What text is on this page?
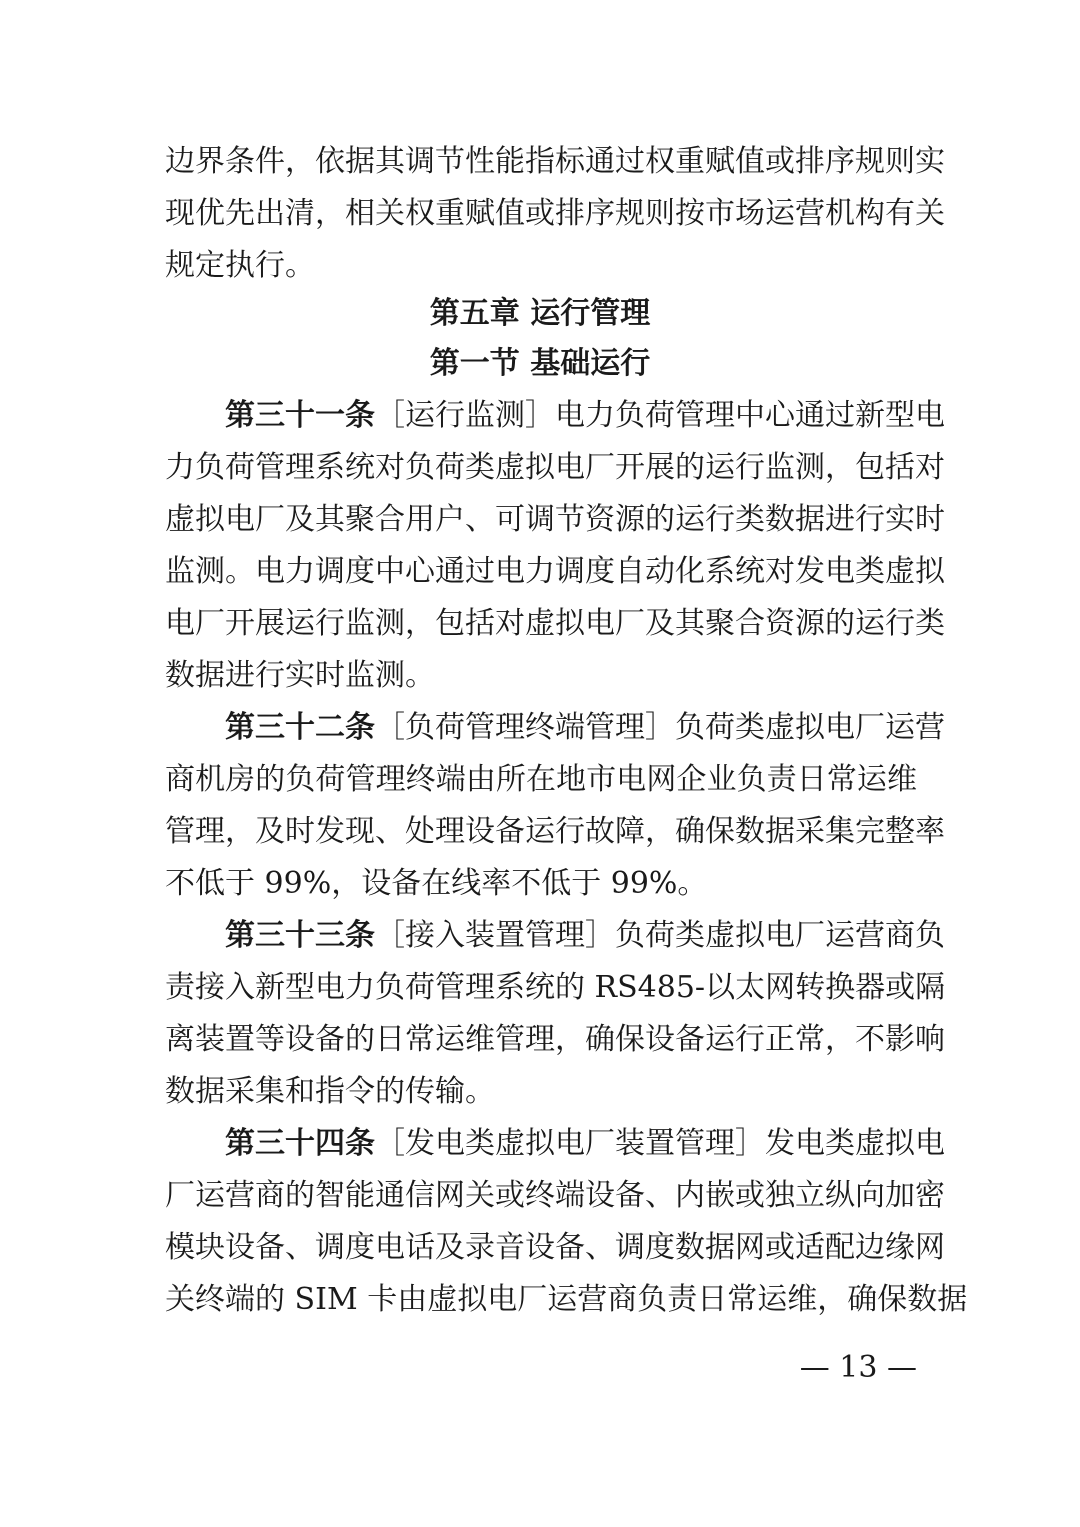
边界条件，依据其调节性能指标通过权重赋值或排序规则实
现优先出清，相关权重赋值或排序规则按市场运营机构有关
规定执行。
第五章 运行管理
第一节 基础运行
第三十一条［运行监测］电力负荷管理中心通过新型电
力负荷管理系统对负荷类虚拟电厂开展的运行监测，包括对
虚拟电厂及其聚合用户、可调节资源的运行类数据进行实时
监测。电力调度中心通过电力调度自动化系统对发电类虚拟
电厂开展运行监测，包括对虚拟电厂及其聚合资源的运行类
数据进行实时监测。
第三十二条［负荷管理终端管理］负荷类虚拟电厂运营
商机房的负荷管理终端由所在地市电网企业负责日常运维
管理，及时发现、处理设备运行故障，确保数据采集完整率
不低于 99%，设备在线率不低于 99%。
第三十三条［接入装置管理］负荷类虚拟电厂运营商负
责接入新型电力负荷管理系统的 RS485-以太网转换器或隔
离装置等设备的日常运维管理，确保设备运行正常，不影响
数据采集和指令的传输。
第三十四条［发电类虚拟电厂装置管理］发电类虚拟电
厂运营商的智能通信网关或终端设备、内嵌或独立纵向加密
模块设备、调度电话及录音设备、调度数据网或适配边缘网
关终端的 SIM 卡由虚拟电厂运营商负责日常运维，确保数据
— 13 —
